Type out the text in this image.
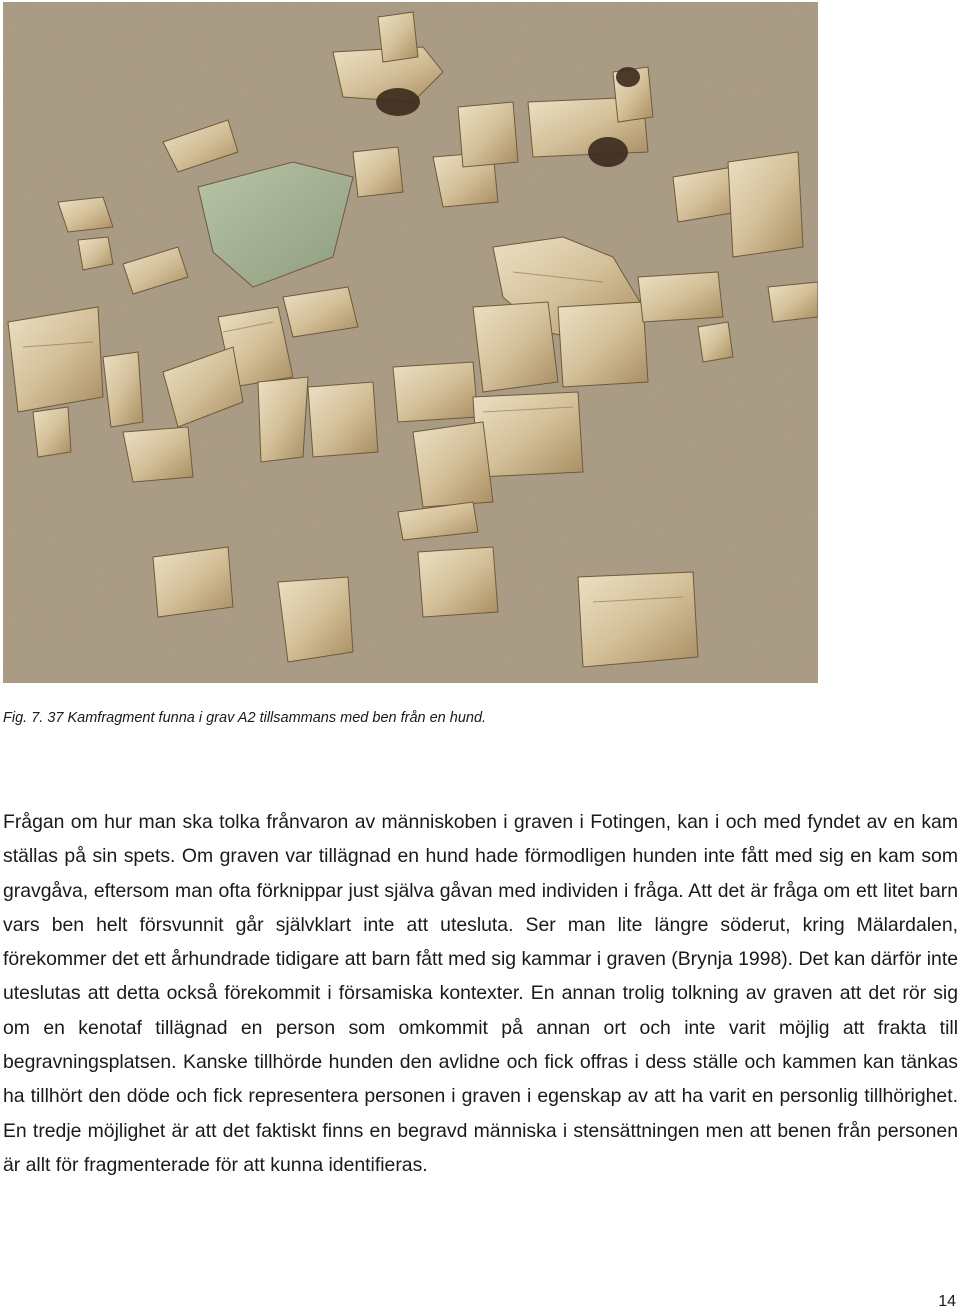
Fig. 7. 37 Kamfragment funna i grav A2 tillsammans med ben från en hund.

Frågan om hur man ska tolka frånvaron av människoben i graven i Fotingen, kan i och med fyndet av en kam ställas på sin spets. Om graven var tillägnad en hund hade förmodligen hunden inte fått med sig en kam som gravgåva, eftersom man ofta förknippar just själva gåvan med individen i fråga. Att det är fråga om ett litet barn vars ben helt försvunnit går självklart inte att utesluta. Ser man lite längre söderut, kring Mälardalen, förekommer det ett århundrade tidigare att barn fått med sig kammar i graven (Brynja 1998). Det kan därför inte uteslutas att detta också förekommit i församiska kontexter. En annan trolig tolkning av graven att det rör sig om en kenotaf tillägnad en person som omkommit på annan ort och inte varit möjlig att frakta till begravningsplatsen. Kanske tillhörde hunden den avlidne och fick offras i dess ställe och kammen kan tänkas ha tillhört den döde och fick representera personen i graven i egenskap av att ha varit en personlig tillhörighet. En tredje möjlighet är att det faktiskt finns en begravd människa i stensättningen men att benen från personen är allt för fragmenterade för att kunna identifieras.

14
